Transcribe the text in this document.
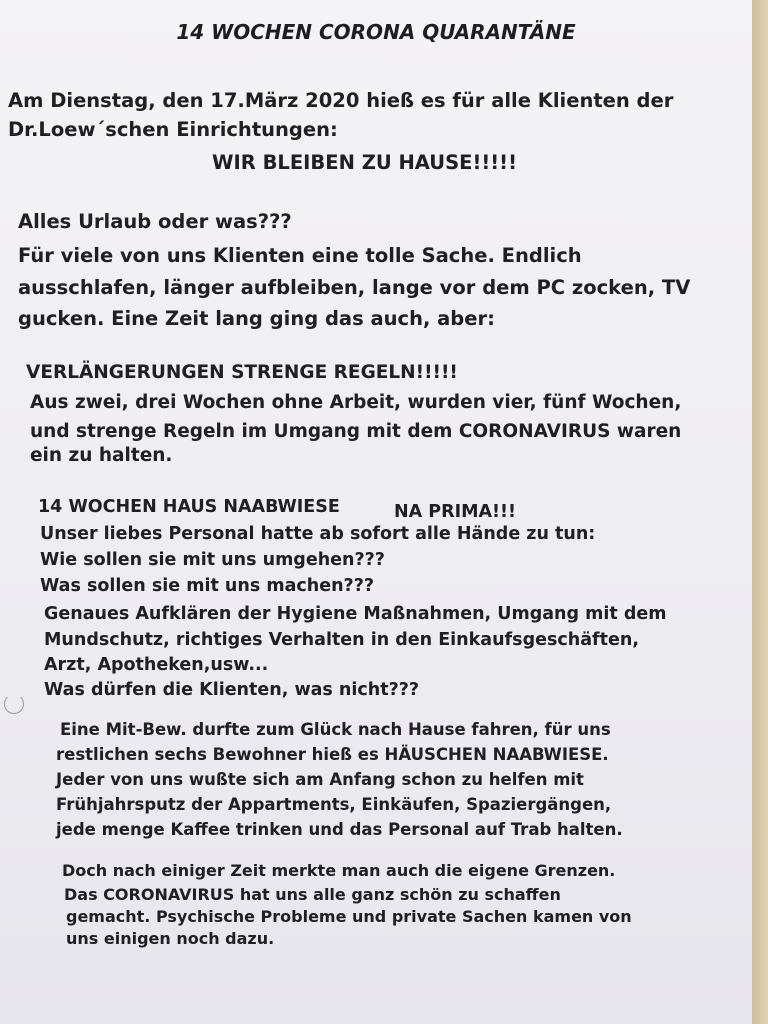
14 WOCHEN CORONA QUARANTÄNE
Am Dienstag, den 17.März 2020 hieß es für alle Klienten der
Dr.Loew´schen Einrichtungen:
WIR BLEIBEN ZU HAUSE!!!!!
Alles Urlaub oder was???
Für viele von uns Klienten eine tolle Sache. Endlich
ausschlafen, länger aufbleiben, lange vor dem PC zocken, TV
gucken. Eine Zeit lang ging das auch, aber:
VERLÄNGERUNGEN STRENGE REGELN!!!!!
Aus zwei, drei Wochen ohne Arbeit, wurden vier, fünf Wochen,
und strenge Regeln im Umgang mit dem CORONAVIRUS waren
ein zu halten.
14 WOCHEN HAUS NAABWIESE	NA PRIMA!!!
Unser liebes Personal hatte ab sofort alle Hände zu tun:
Wie sollen sie mit uns umgehen???
Was sollen sie mit uns machen???
Genaues Aufklären der Hygiene Maßnahmen, Umgang mit dem
Mundschutz, richtiges Verhalten in den Einkaufsgeschäften,
Arzt, Apotheken,usw...
Was dürfen die Klienten, was nicht???
Eine Mit-Bew. durfte zum Glück nach Hause fahren, für uns
restlichen sechs Bewohner hieß es HÄUSCHEN NAABWIESE.
Jeder von uns wußte sich am Anfang schon zu helfen mit
Frühjahrsputz der Appartments, Einkäufen, Spaziergängen,
jede menge Kaffee trinken und das Personal auf Trab halten.
Doch nach einiger Zeit merkte man auch die eigene Grenzen.
Das CORONAVIRUS hat uns alle ganz schön zu schaffen
gemacht. Psychische Probleme und private Sachen kamen von
uns einigen noch dazu.
